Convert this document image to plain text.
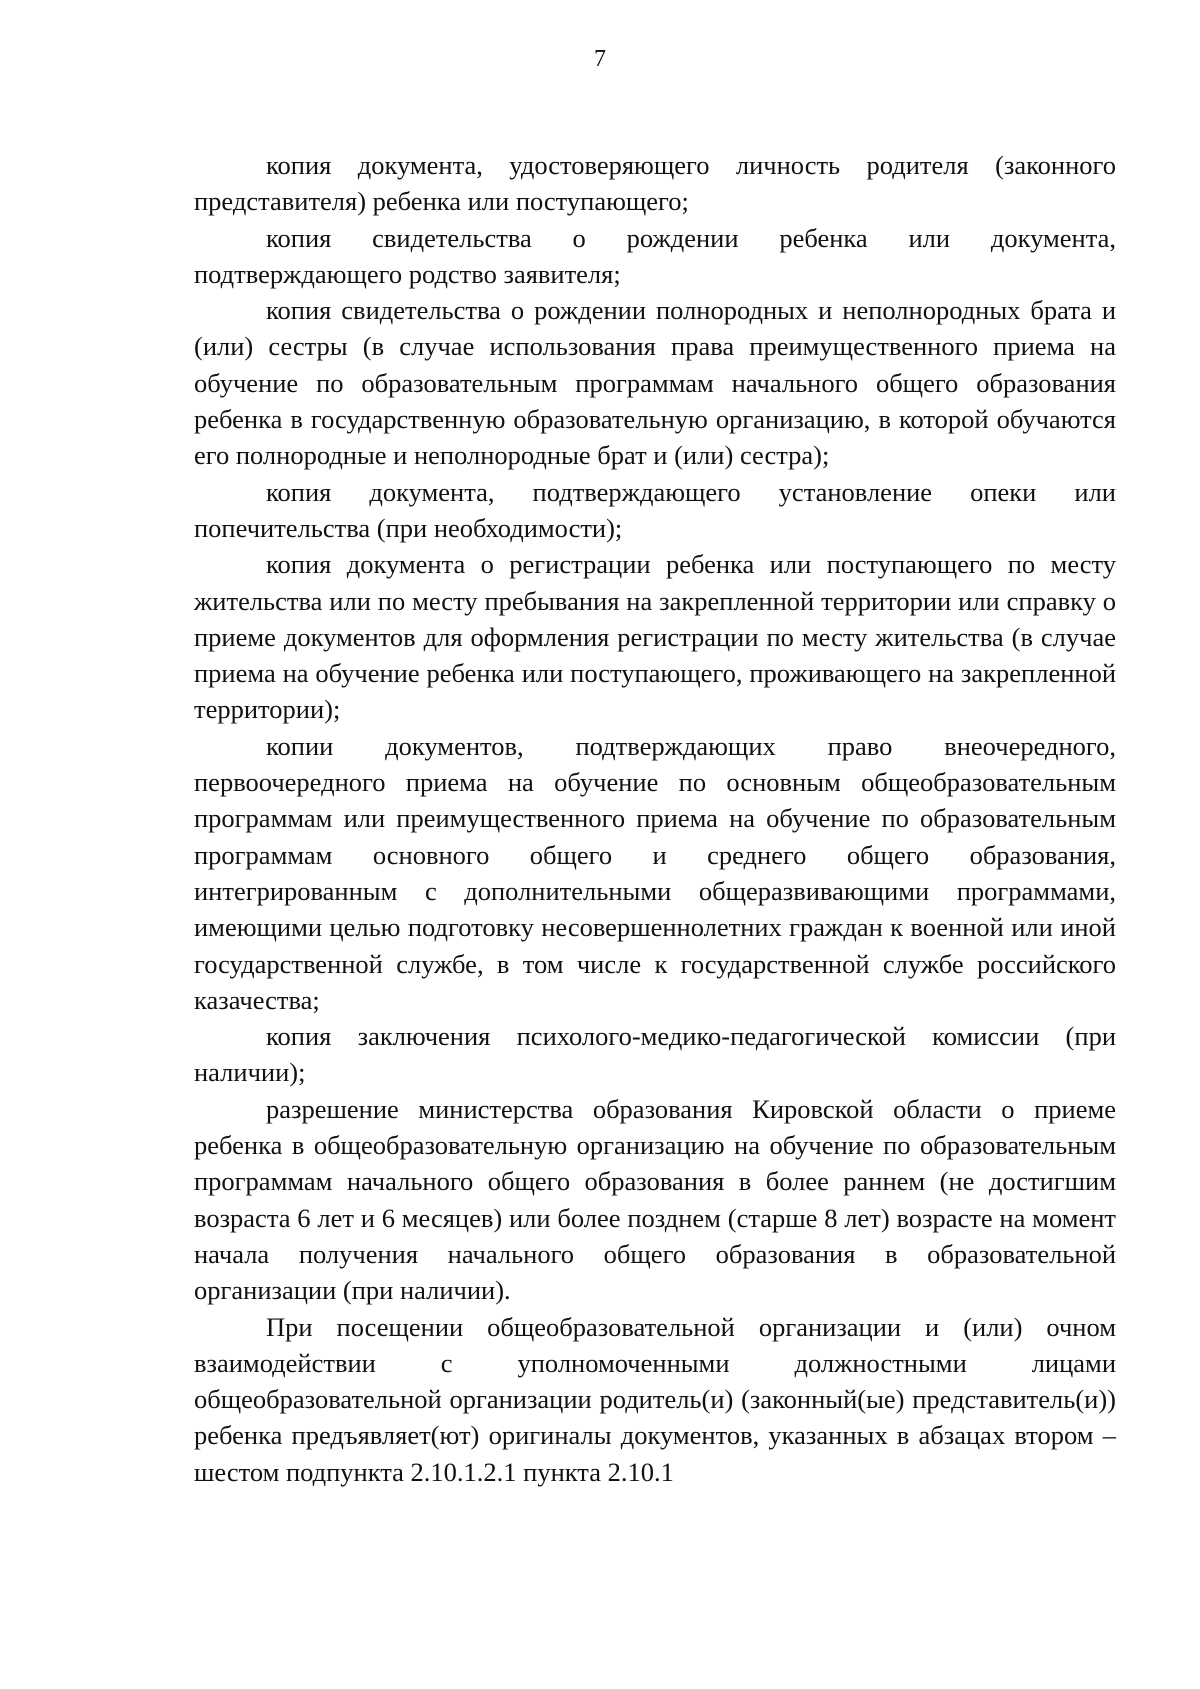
7

копия документа, удостоверяющего личность родителя (законного представителя) ребенка или поступающего;

копия свидетельства о рождении ребенка или документа, подтверждающего родство заявителя;

копия свидетельства о рождении полнородных и неполнородных брата и (или) сестры (в случае использования права преимущественного приема на обучение по образовательным программам начального общего образования ребенка в государственную образовательную организацию, в которой обучаются его полнородные и неполнородные брат и (или) сестра);

копия документа, подтверждающего установление опеки или попечительства (при необходимости);

копия документа о регистрации ребенка или поступающего по месту жительства или по месту пребывания на закрепленной территории или справку о приеме документов для оформления регистрации по месту жительства (в случае приема на обучение ребенка или поступающего, проживающего на закрепленной территории);

копии документов, подтверждающих право внеочередного, первоочередного приема на обучение по основным общеобразовательным программам или преимущественного приема на обучение по образовательным программам основного общего и среднего общего образования, интегрированным с дополнительными общеразвивающими программами, имеющими целью подготовку несовершеннолетних граждан к военной или иной государственной службе, в том числе к государственной службе российского казачества;

копия заключения психолого-медико-педагогической комиссии (при наличии);

разрешение министерства образования Кировской области о приеме ребенка в общеобразовательную организацию на обучение по образовательным программам начального общего образования в более раннем (не достигшим возраста 6 лет и 6 месяцев) или более позднем (старше 8 лет) возрасте на момент начала получения начального общего образования в образовательной организации (при наличии).

При посещении общеобразовательной организации и (или) очном взаимодействии с уполномоченными должностными лицами общеобразовательной организации родитель(и) (законный(ые) представитель(и)) ребенка предъявляет(ют) оригиналы документов, указанных в абзацах втором – шестом подпункта 2.10.1.2.1 пункта 2.10.1
